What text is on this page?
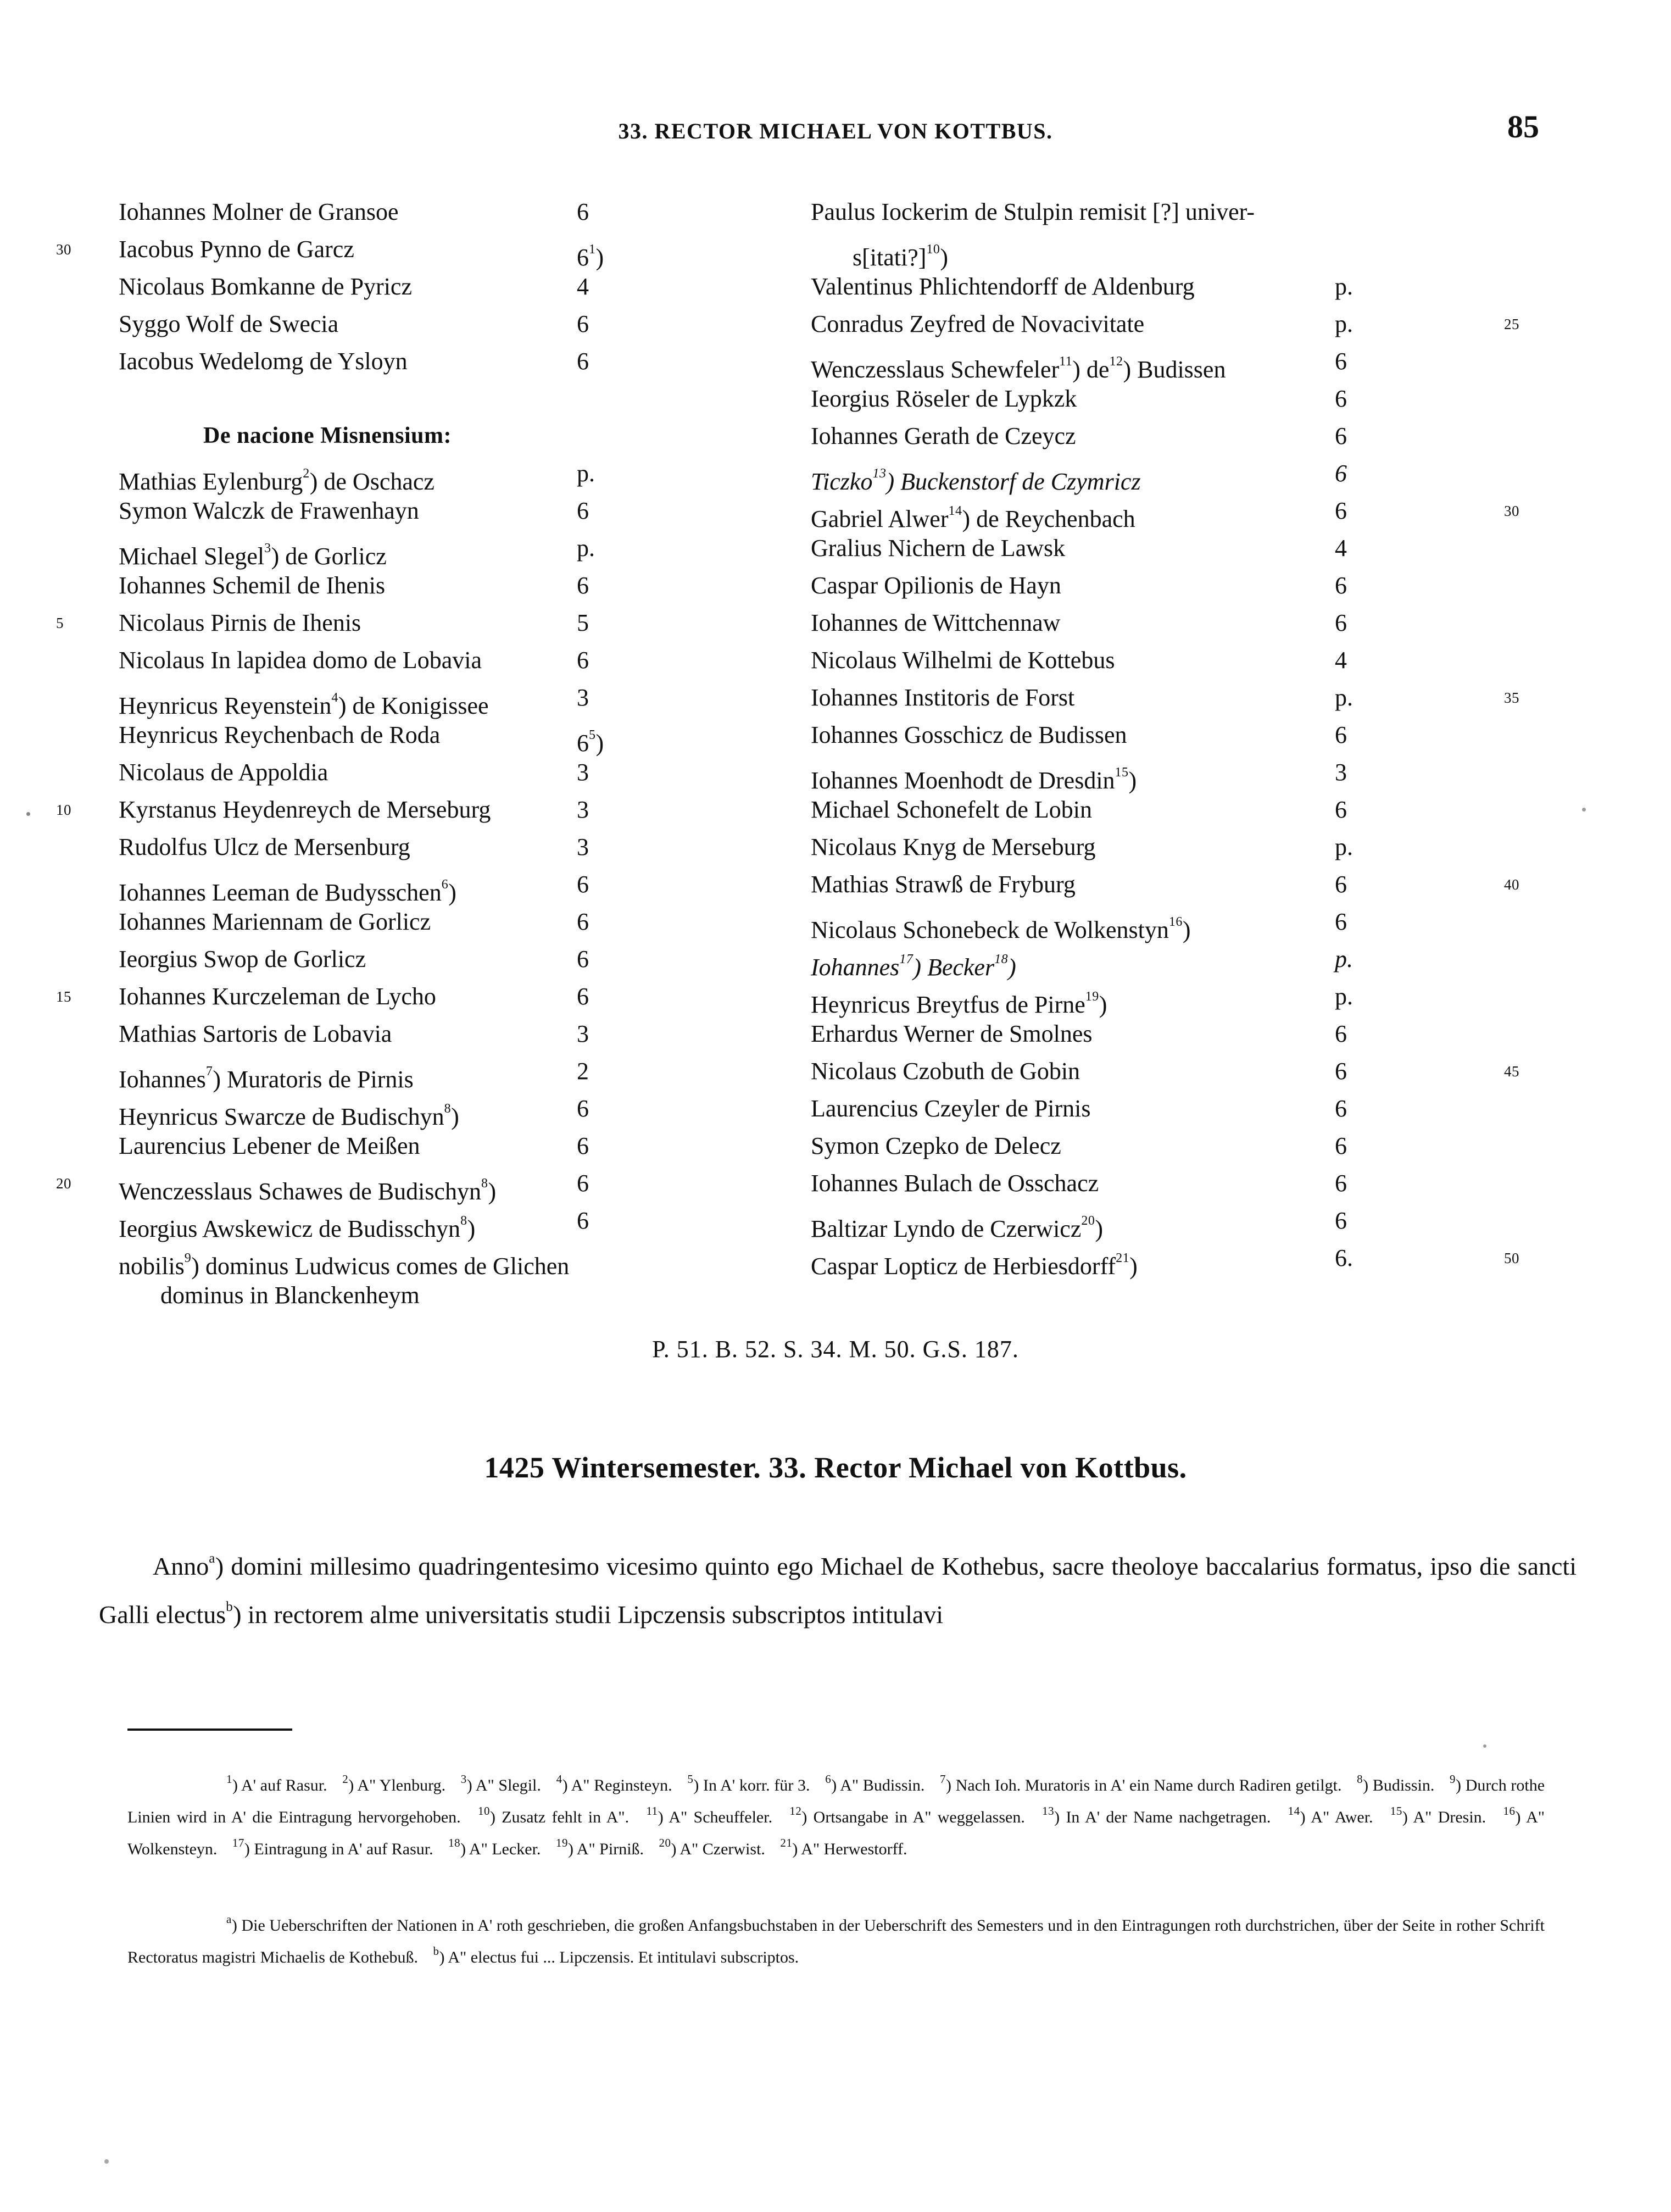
33. RECTOR MICHAEL VON KOTTBUS.	85
Iohannes Molner de Gransoe	6
30 Iacobus Pynno de Garcz	$6^1$)
Nicolaus Bomkanne de Pyricz	4
Syggo Wolf de Swecia	6
Iacobus Wedelomg de Ysloyn	6
De nacione Misnensium:
Mathias Eylenburg$^2$) de Oschacz	p.
Symon Walczk de Frawenhayn	6
Michael Slegel$^3$) de Gorlicz	p.
Iohannes Schemil de Ihenis	6
5 Nicolaus Pirnis de Ihenis	5
Nicolaus In lapidea domo de Lobavia	6
Heynricus Reyenstein$^4$) de Konigissee	3
Heynricus Reychenbach de Roda	$6^5$)
Nicolaus de Appoldia	3
10 Kyrstanus Heydenreych de Merseburg	3
Rudolfus Ulcz de Mersenburg	3
Iohannes Leeman de Budysschen$^6$)	6
Iohannes Mariennam de Gorlicz	6
Ieorgius Swop de Gorlicz	6
15 Iohannes Kurczeleman de Lycho	6
Mathias Sartoris de Lobavia	3
Iohannes$^7$) Muratoris de Pirnis	2
Heynricus Swarcze de Budischyn$^8$)	6
Laurencius Lebener de Meißen	6
20 Wenczesslaus Schawes de Budischyn$^8$)	6
Ieorgius Awskewicz de Budisschyn$^8$)	6
nobilis$^9$) dominus Ludwicus comes de Glichen
dominus in Blanckenheym
Paulus Iockerim de Stulpin remisit [?] univer-
s[itati?]$^{10}$)
Valentinus Phlichtendorff de Aldenburg	p.
25
Conradus Zeyfred de Novacivitate	p.
Wenczesslaus Schewfeler$^{11}$) $de^{12}$) Budissen	6
Ieorgius Röseler de Lypkzk	6
Iohannes Gerath de Czeycz	6
Ticzko$^{13}$) Buckenstorf de Czymricz	6
30
Gabriel Alwer$^{14}$) de Reychenbach	6
Gralius Nichern de Lawsk	4
Caspar Opilionis de Hayn	6
Iohannes de Wittchennaw	6
Nicolaus Wilhelmi de Kottebus	4
35
Iohannes Institoris de Forst	p.
Iohannes Gosschicz de Budissen	6
Iohannes Moenhodt de Dresdin$^{15}$)	3
Michael Schonefelt de Lobin	6
Nicolaus Knyg de Merseburg	p.
40
Mathias Strawß de Fryburg	6
Nicolaus Schonebeck de Wolkenstyn$^{16}$)	6
Iohannes$^{17}$) Becker$^{18}$)	p.
Heynricus Breytfus de Pirne$^{19}$)	p.
Erhardus Werner de Smolnes	6
45
Nicolaus Czobuth de Gobin	6
Laurencius Czeyler de Pirnis	6
Symon Czepko de Delecz	6
Iohannes Bulach de Osschacz	6
Baltizar Lyndo de Czerwicz$^{20}$)	6
50
Caspar Lopticz de Herbiesdorff$^{21}$)	6.
P. 51. B. 52. S. 34. M. 50. G.S. 187.
1425 Wintersemester. 33. Rector Michael von Kottbus.
Anno$^a$) domini millesimo quadringentesimo vicesimo quinto ego Michael de Kothebus, sacre theoloye baccalarius formatus, ipso die sancti Galli electus$^b$) in rectorem alme universitatis studii Lipczensis subscriptos intitulavi
$^1$) A' auf Rasur. $^2$) A" Ylenburg. $^3$) A" Slegil. $^4$) A" Reginsteyn. $^5$) In A' korr. für 3. $^6$) A" Budissin. $^7$) Nach Ioh. Muratoris in A' ein Name durch Radiren getilgt. $^8$) Budissin. $^9$) Durch rothe Linien wird in A' die Eintragung hervorgehoben. $^{10}$) Zusatz fehlt in A". $^{11}$) A" Scheuffeler. $^{12}$) Ortsangabe in A" weggelassen. $^{13}$) In A' der Name nachgetragen. $^{14}$) A" Awer. $^{15}$) A" Dresin. $^{16}$) A" Wolkensteyn. $^{17}$) Eintragung in A' auf Rasur. $^{18}$) A" Lecker. $^{19}$) A" Pirniß. $^{20}$) A" Czerwist. $^{21}$) A" Herwestorff.
$^a$) Die Ueberschriften der Nationen in A' roth geschrieben, die großen Anfangsbuchstaben in der Ueberschrift des Semesters und in den Eintragungen roth durchstrichen, über der Seite in rother Schrift Rectoratus magistri Michaelis de Kothebuß. $^b$) A" electus fui ... Lipczensis. Et intitulavi subscriptos.
